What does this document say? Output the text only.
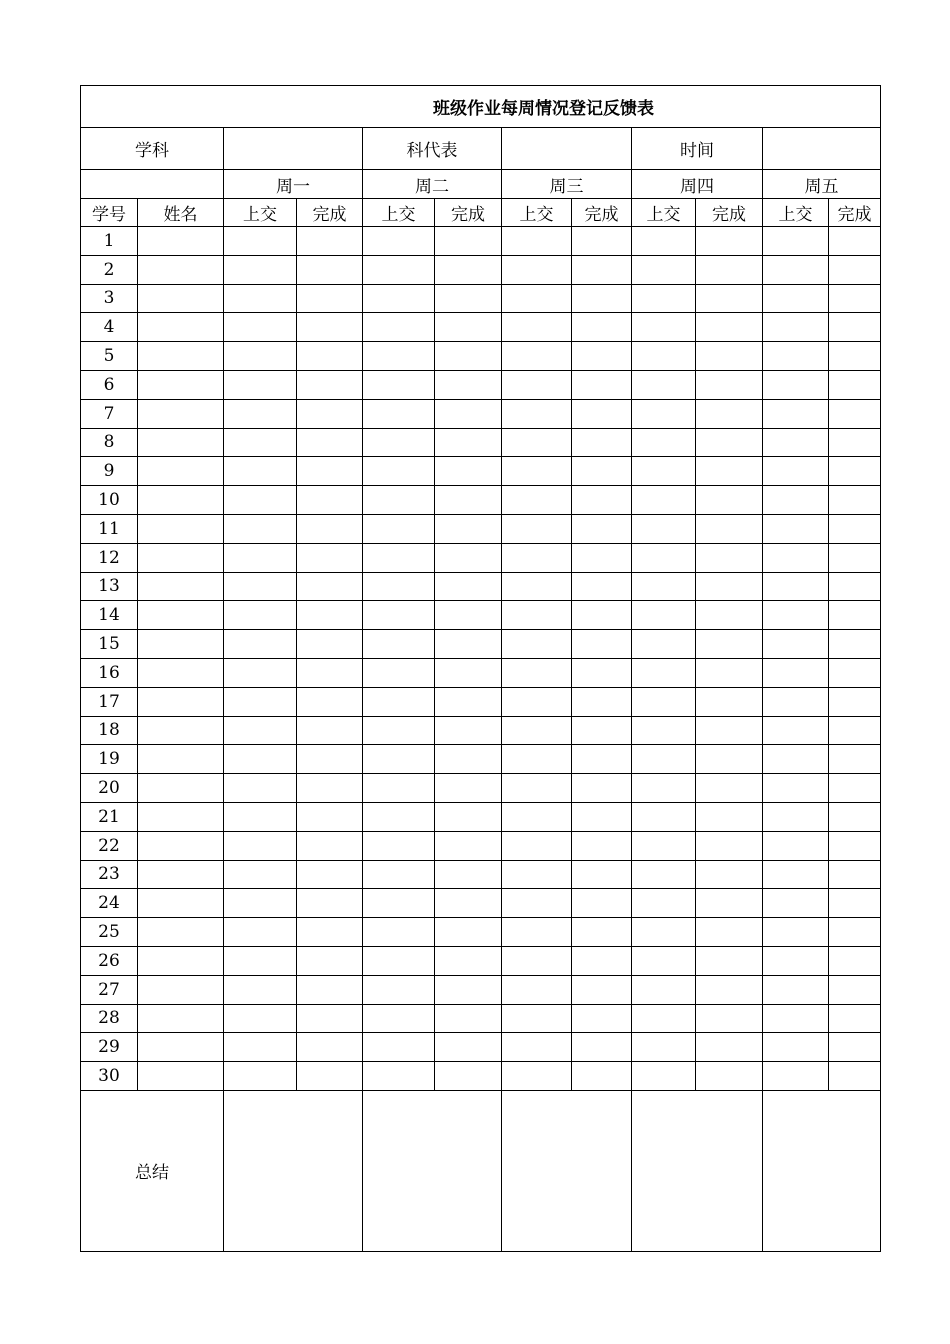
班级作业每周情况登记反馈表											
学科				科代表				时间			
		周一		周二		周三		周四		周五	
学号	姓名	上交	完成	上交	完成	上交	完成	上交	完成	上交	完成
1											
2											
3											
4											
5											
6											
7											
8											
9											
10											
11											
12											
13											
14											
15											
16											
17											
18											
19											
20											
21											
22											
23											
24											
25											
26											
27											
28											
29											
30											
总结											
